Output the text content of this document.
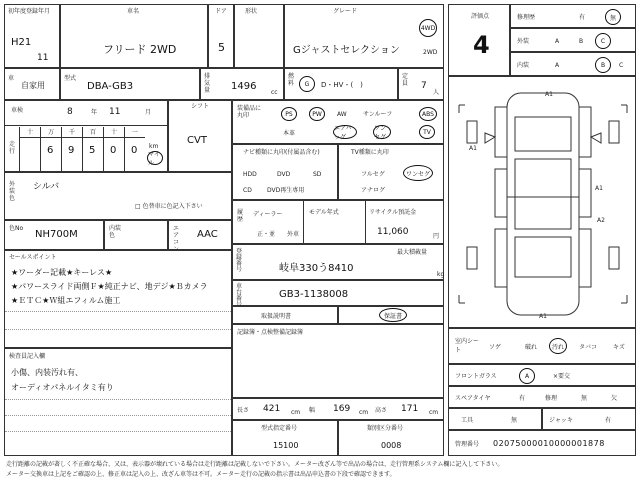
初年度登録年月
H21
11
車名
フリード 2WD
ドア
5
形状	グレード
Gジャストセレクション
4WD
2WD
車
自家用
型式
DBA-GB3
排気量	1496
cc
燃料	G	D・HV・(　)
定員 7
人
車検	8	年 11	月
走行
十 万
6
千
9
百
5
十
0
一
0 km
マイル
シフト
CVT
外装色
シルバ
□ 色替車に色記入下さい
色No
NH700M
内装色
エアコン
AAC
セールスポイント
★ワーダー記載★キーレス★
★パワースライド両側Ｆ★純正ナビ、地デジ★Ｂカメラ
★ＥＴＣ★Ｗ組エフィルム施工
検査員記入欄
小傷、内装汚れ有、
オーディオパネルイタミ有り
装備品に丸印	PS	PW	AW	サンルーフ	ABS
本革
エアバッグ
ワンセグ
TV
ナビ種類に丸印 (付属品含む)
HDD	DVD	SD
CD	DVD再生専用
TV種類に丸印
フルセグ	ワンセグ
アナログ
履歴
ディーラー
正・並 外車
モデル年式	リサイクル預託金
11,060	円
登録番号	岐阜330う8410
最大積載量
kg
車台番号
GB3-1138008
取扱説明書	保証書
記録簿・点検整備記録簿
長さ 421 cm 幅 169 cm 高さ 171 cm
型式指定番号
15100
類別区分番号
0008
評価点
4
修理歴	有	無
外装	A	B	C
内装	A	B	C
A1
A1
A1
A2
A1
室内シート	ソゲ	破れ	汚れ	タバコ	キズ
フロントガラス	A	×要交
スペアタイヤ	有	修理	無	欠
工具	無	ジャッキ	有
管理番号 02075000010000001878
走行距離の記載が著しく不正確な場合、又は、表示器が壊れている場合は走行距離は記載しないで下さい。メーター改ざん等で出品の場合は、走行管理系システム欄に記入して下さい。
メーター交換車は上記をご確認の上、修正車は記入の上、改ざん車等は不可。メーター走行の記載の指示書は出品申込書の下段で確認できます。
